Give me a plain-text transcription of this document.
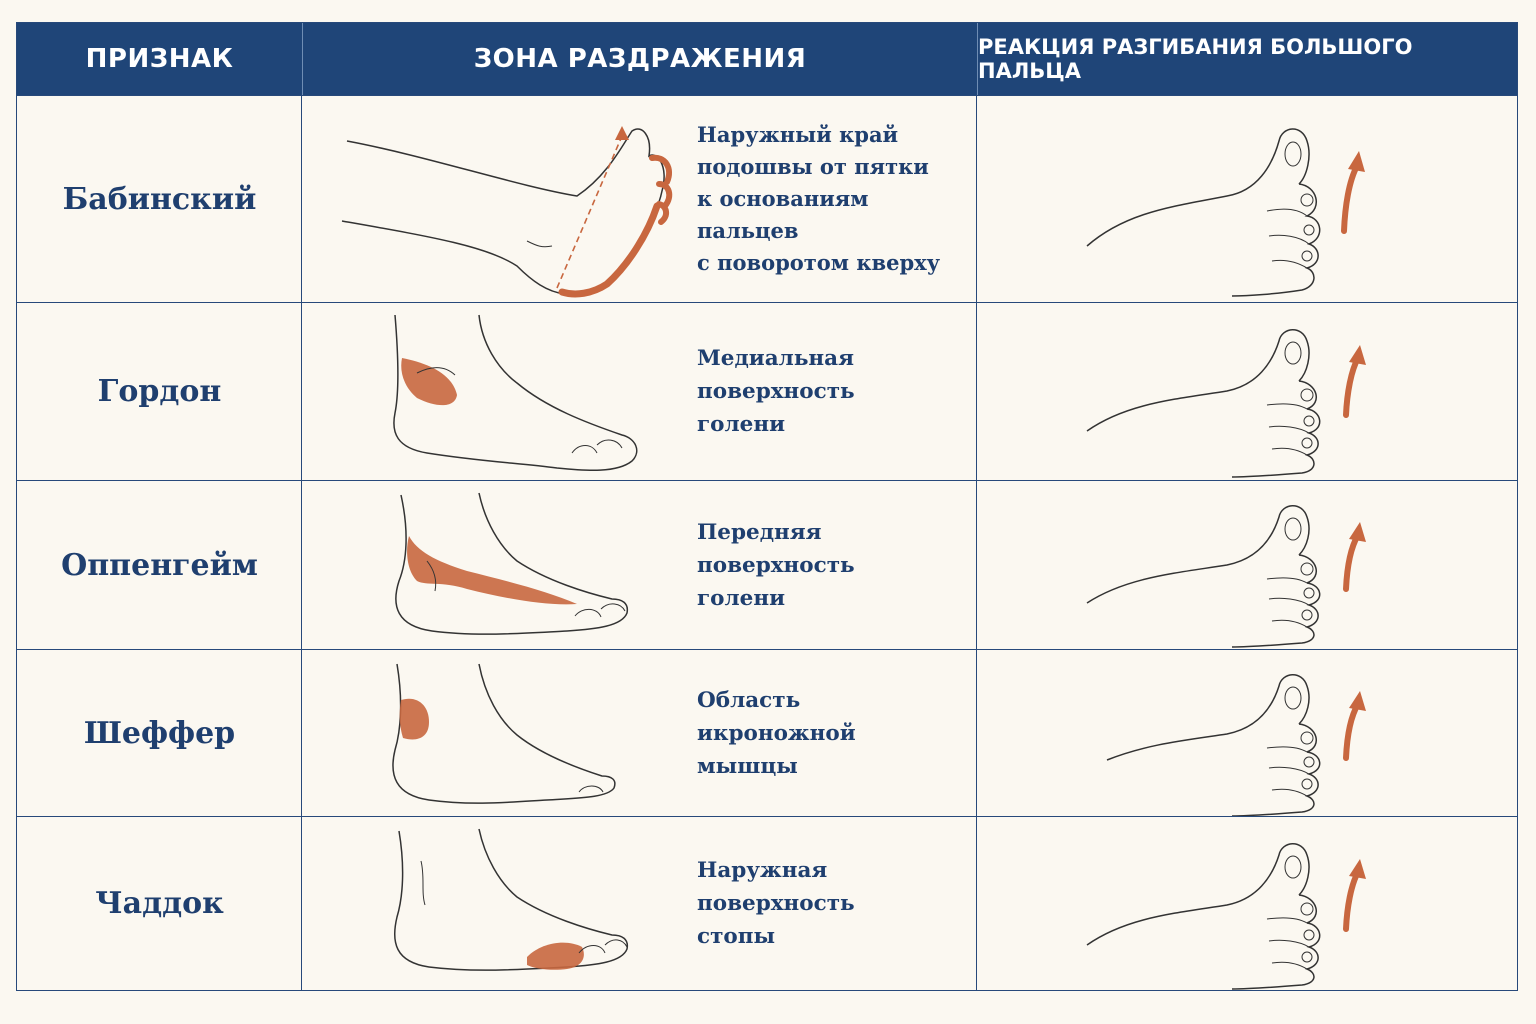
ПРИЗНАК	ЗОНА РАЗДРАЖЕНИЯ	РЕАКЦИЯ РАЗГИБАНИЯ БОЛЬШОГО ПАЛЬЦА
Бабинский
Наружный край
подошвы от пятки
к основаниям пальцев
с поворотом кверху
Гордон
Медиальная
поверхность
голени
Оппенгейм
Передняя
поверхность
голени
Шеффер
Область
икроножной
мышцы
Чаддок
Наружная
поверхность
стопы
